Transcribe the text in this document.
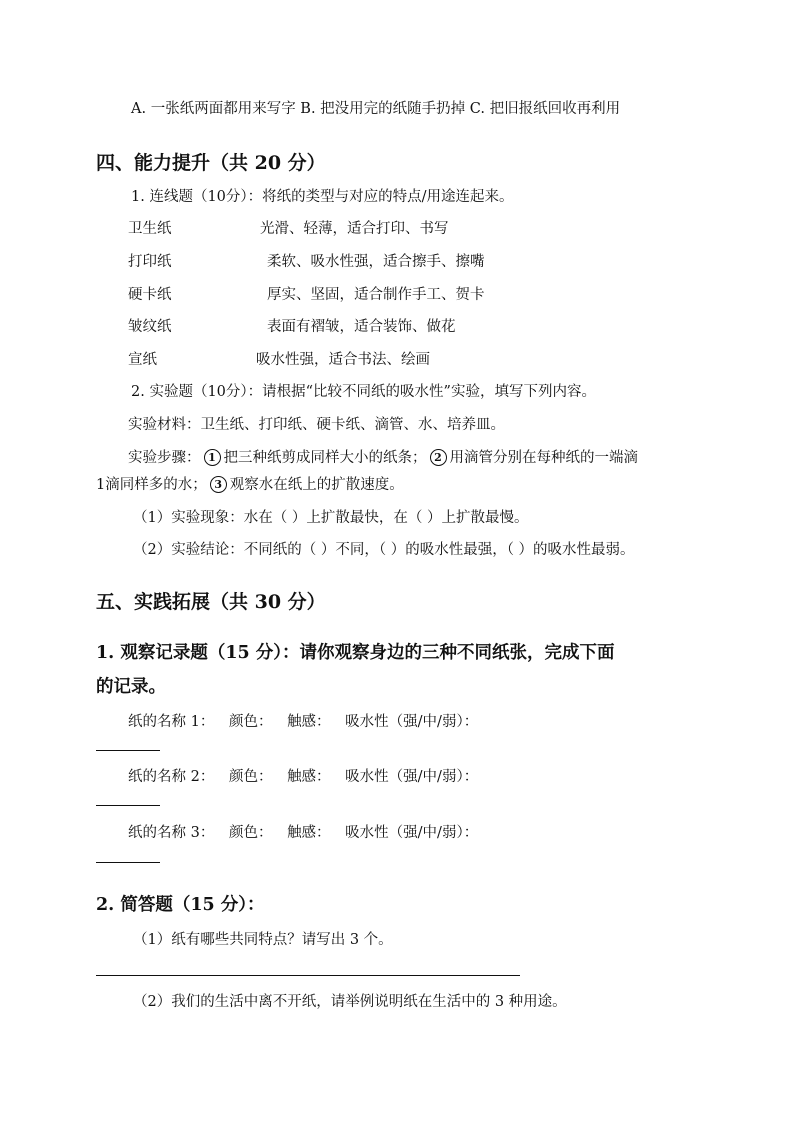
A. 一张纸两面都用来写字 B. 把没用完的纸随手扔掉 C. 把旧报纸回收再利用
四、能力提升（共 20 分）
1. 连线题（10分）：将纸的类型与对应的特点/用途连起来。
卫生纸	光滑、轻薄，适合打印、书写
打印纸	柔软、吸水性强，适合擦手、擦嘴
硬卡纸	厚实、坚固，适合制作手工、贺卡
皱纹纸	表面有褶皱，适合装饰、做花
宣纸	吸水性强，适合书法、绘画
2. 实验题（10分）：请根据“比较不同纸的吸水性”实验，填写下列内容。
实验材料：卫生纸、打印纸、硬卡纸、滴管、水、培养皿。
实验步骤： 1 把三种纸剪成同样大小的纸条； 2 用滴管分别在每种纸的一端滴
1滴同样多的水； 3 观察水在纸上的扩散速度。
（1）实验现象：水在（ ）上扩散最快，在（ ）上扩散最慢。
（2）实验结论：不同纸的（ ）不同，（ ）的吸水性最强，（ ）的吸水性最弱。
五、实践拓展（共 30 分）
1. 观察记录题（15 分）：请你观察身边的三种不同纸张，完成下面
的记录。
纸的名称 1： 颜色： 触感： 吸水性（强/中/弱）：
纸的名称 2： 颜色： 触感： 吸水性（强/中/弱）：
纸的名称 3： 颜色： 触感： 吸水性（强/中/弱）：
2. 简答题（15 分）：
（1）纸有哪些共同特点？请写出 3 个。
（2）我们的生活中离不开纸，请举例说明纸在生活中的 3 种用途。
